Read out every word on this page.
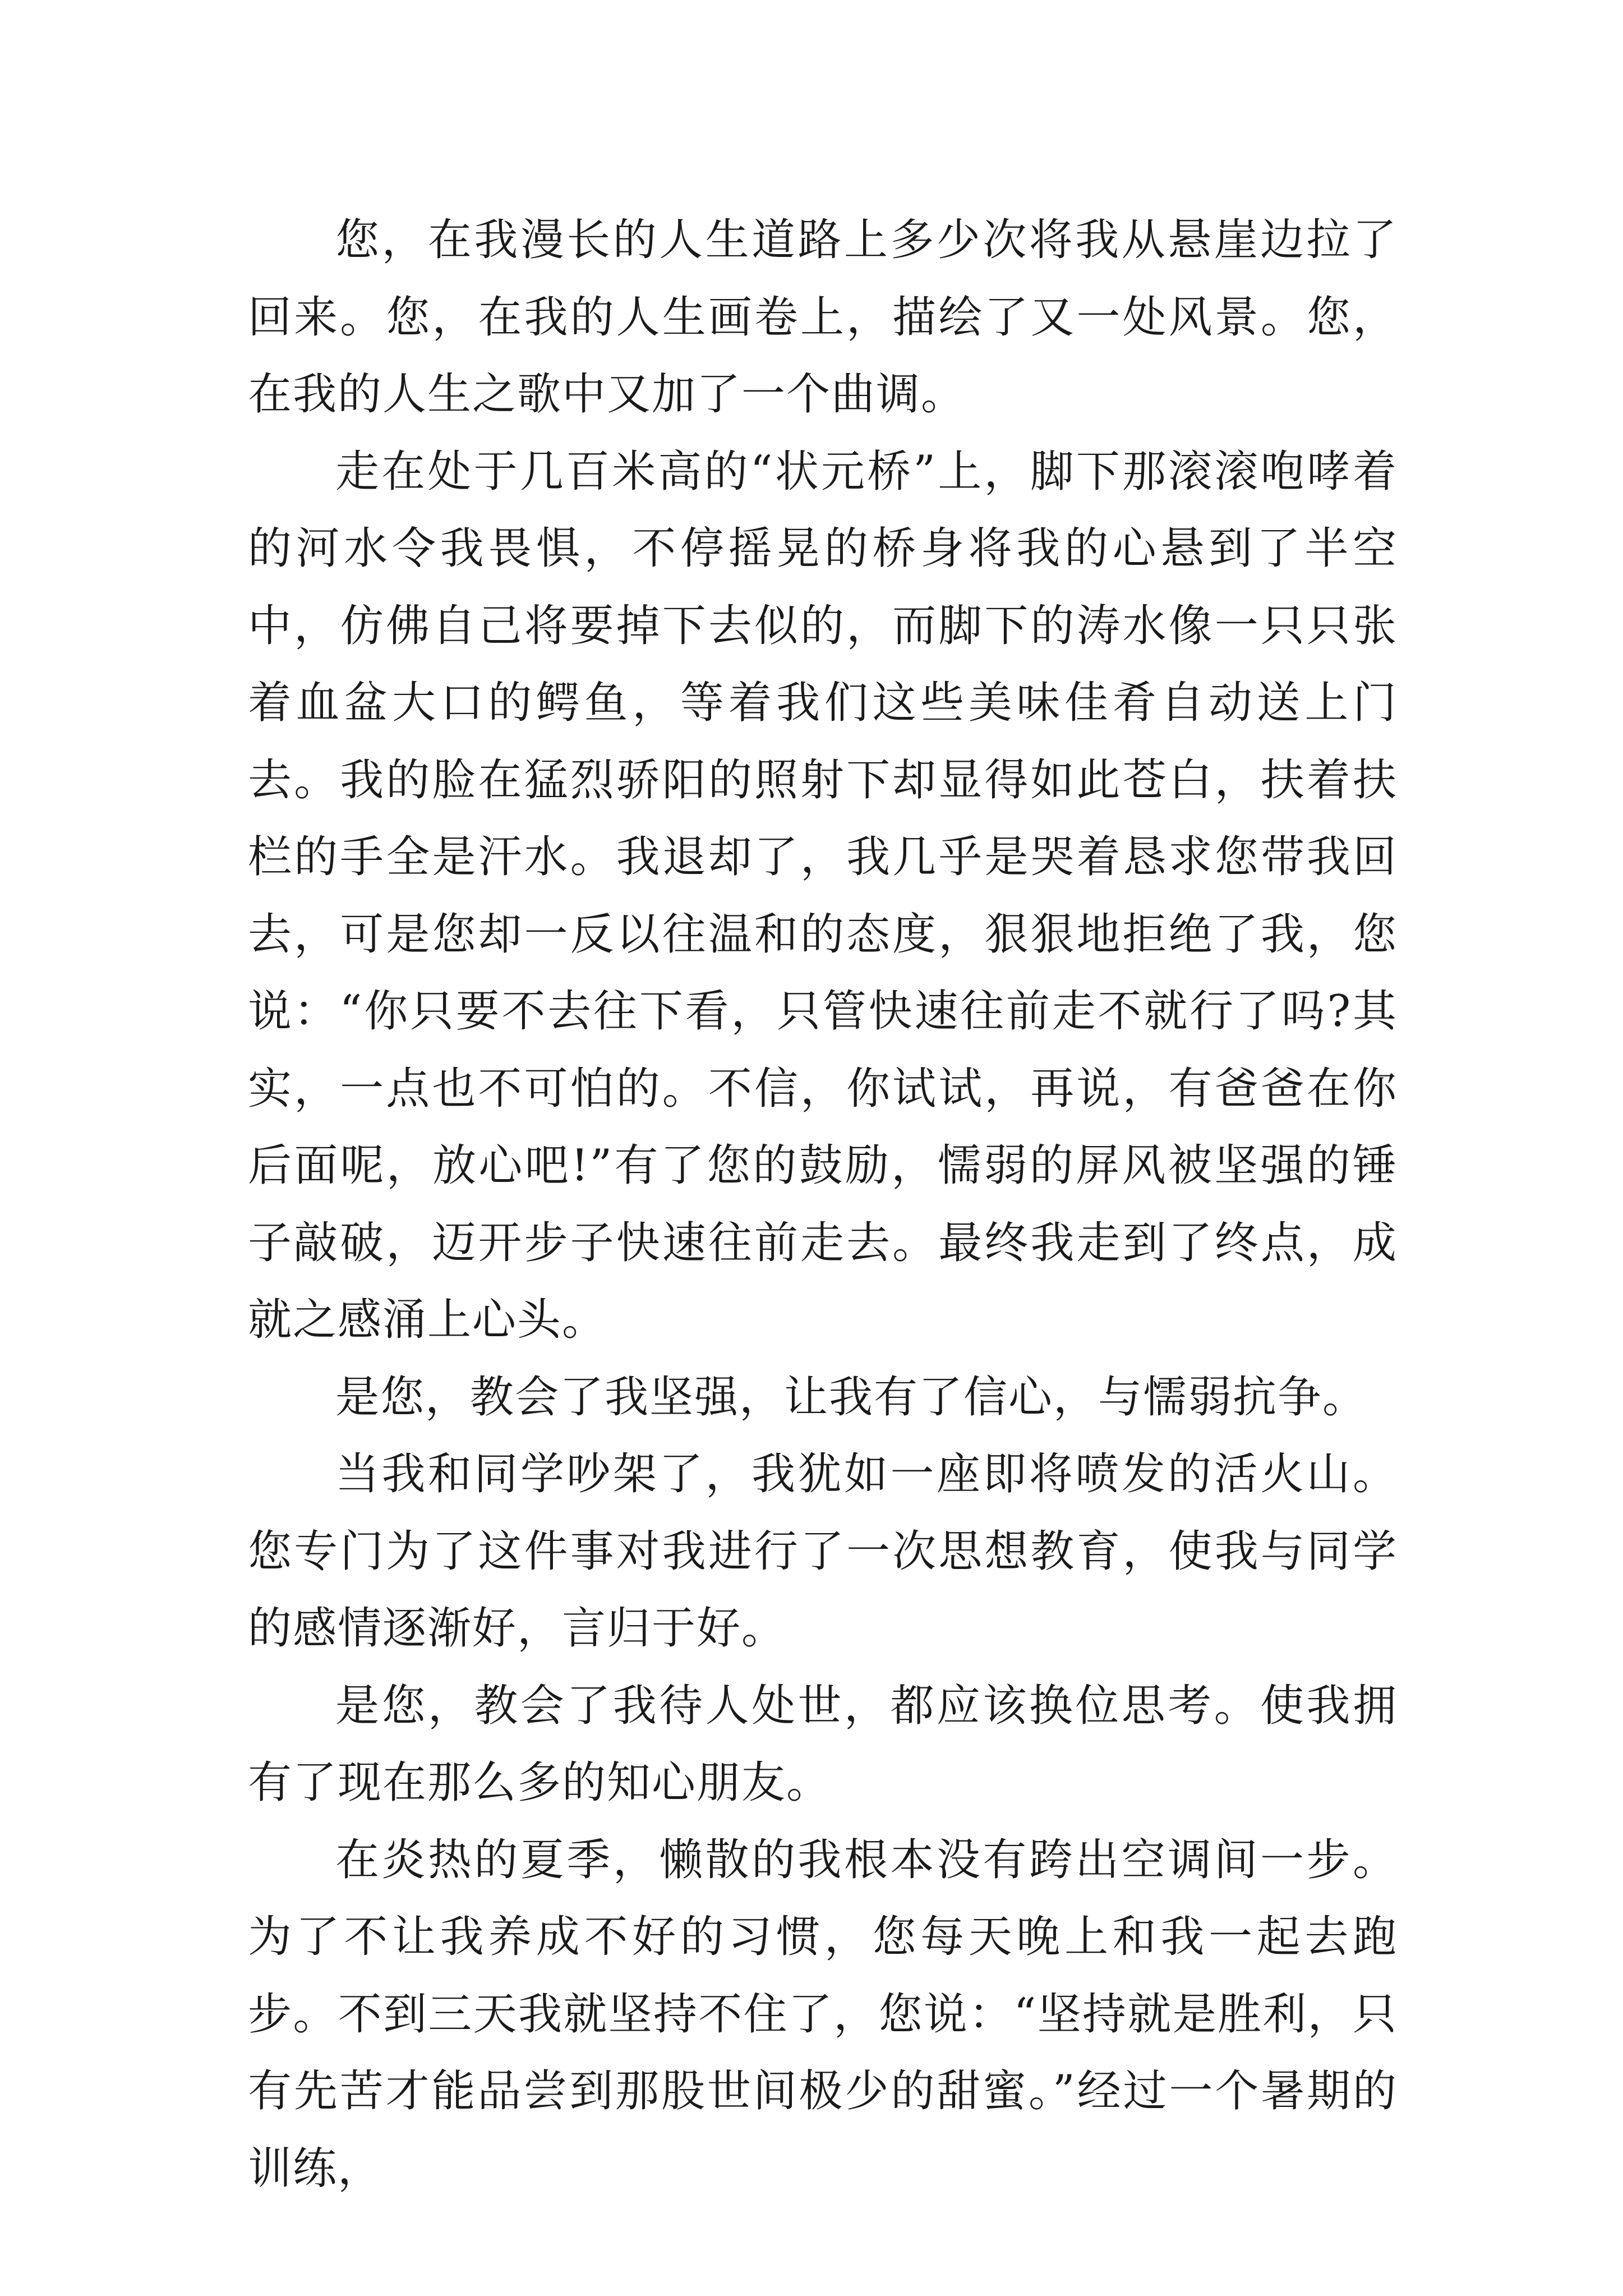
您，在我漫长的人生道路上多少次将我从悬崖边拉了回来。您，在我的人生画卷上，描绘了又一处风景。您，在我的人生之歌中又加了一个曲调。

走在处于几百米高的“状元桥”上，脚下那滚滚咆哮着的河水令我畏惧，不停摇晃的桥身将我的心悬到了半空中，仿佛自己将要掉下去似的，而脚下的涛水像一只只张着血盆大口的鳄鱼，等着我们这些美味佳肴自动送上门去。我的脸在猛烈骄阳的照射下却显得如此苍白，扶着扶栏的手全是汗水。我退却了，我几乎是哭着恳求您带我回去，可是您却一反以往温和的态度，狠狠地拒绝了我，您说：“你只要不去往下看，只管快速往前走不就行了吗?其实，一点也不可怕的。不信，你试试，再说，有爸爸在你后面呢，放心吧!”有了您的鼓励，懦弱的屏风被坚强的锤子敲破，迈开步子快速往前走去。最终我走到了终点，成就之感涌上心头。

是您，教会了我坚强，让我有了信心，与懦弱抗争。

当我和同学吵架了，我犹如一座即将喷发的活火山。您专门为了这件事对我进行了一次思想教育，使我与同学的感情逐渐好，言归于好。

是您，教会了我待人处世，都应该换位思考。使我拥有了现在那么多的知心朋友。

在炎热的夏季，懒散的我根本没有跨出空调间一步。为了不让我养成不好的习惯，您每天晚上和我一起去跑步。不到三天我就坚持不住了，您说：“坚持就是胜利，只有先苦才能品尝到那股世间极少的甜蜜。”经过一个暑期的训练，
